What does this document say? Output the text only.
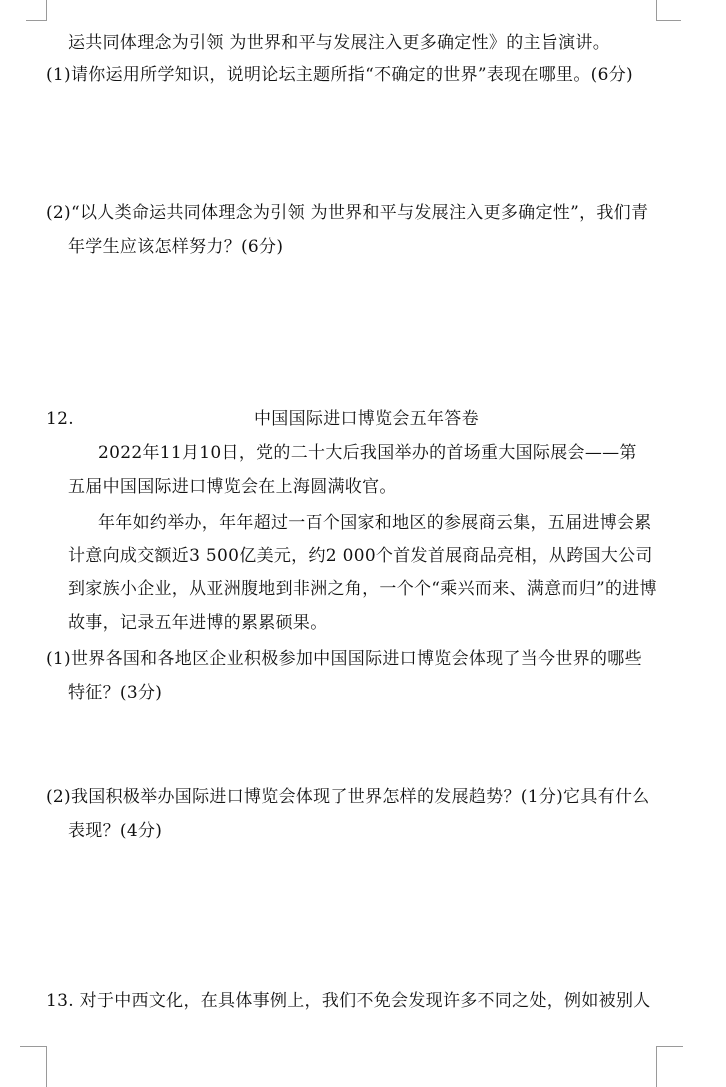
运共同体理念为引领 为世界和平与发展注入更多确定性》的主旨演讲。

(1)请你运用所学知识，说明论坛主题所指“不确定的世界”表现在哪里。(6分)

(2)“以人类命运共同体理念为引领 为世界和平与发展注入更多确定性”，我们青

年学生应该怎样努力？(6分)

12.	中国国际进口博览会五年答卷

2022年11月10日，党的二十大后我国举办的首场重大国际展会——第

五届中国国际进口博览会在上海圆满收官。

年年如约举办，年年超过一百个国家和地区的参展商云集，五届进博会累

计意向成交额近3 500亿美元，约2 000个首发首展商品亮相，从跨国大公司

到家族小企业，从亚洲腹地到非洲之角，一个个“乘兴而来、满意而归”的进博

故事，记录五年进博的累累硕果。

(1)世界各国和各地区企业积极参加中国国际进口博览会体现了当今世界的哪些

特征？(3分)

(2)我国积极举办国际进口博览会体现了世界怎样的发展趋势？(1分)它具有什么

表现？(4分)

13. 对于中西文化，在具体事例上，我们不免会发现许多不同之处，例如被别人
